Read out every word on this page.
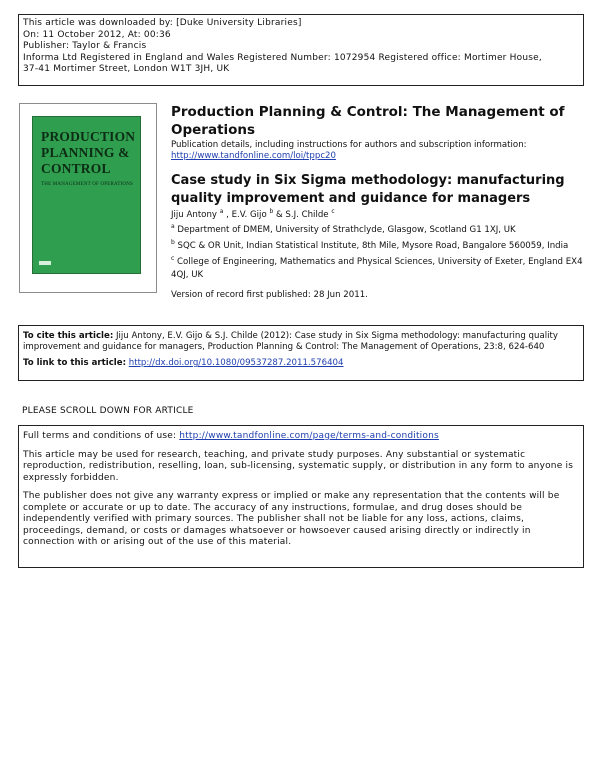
This article was downloaded by: [Duke University Libraries]
On: 11 October 2012, At: 00:36
Publisher: Taylor & Francis
Informa Ltd Registered in England and Wales Registered Number: 1072954 Registered office: Mortimer House,
37-41 Mortimer Street, London W1T 3JH, UK
PRODUCTION
PLANNING &
CONTROL
THE MANAGEMENT OF OPERATIONS
Production Planning & Control: The Management of Operations
Publication details, including instructions for authors and subscription information:
http://www.tandfonline.com/loi/tppc20
Case study in Six Sigma methodology: manufacturing quality improvement and guidance for managers
Jiju Antony $^a$ , E.V. Gijo $^b$ & S.J. Childe $^c$
$^a$ Department of DMEM, University of Strathclyde, Glasgow, Scotland G1 1XJ, UK
$^b$ SQC & OR Unit, Indian Statistical Institute, 8th Mile, Mysore Road, Bangalore 560059, India
$^c$ College of Engineering, Mathematics and Physical Sciences, University of Exeter, England EX4 4QJ, UK
Version of record first published: 28 Jun 2011.
To cite this article: Jiju Antony, E.V. Gijo & S.J. Childe (2012): Case study in Six Sigma methodology: manufacturing quality improvement and guidance for managers, Production Planning & Control: The Management of Operations, 23:8, 624-640
To link to this article: http://dx.doi.org/10.1080/09537287.2011.576404
PLEASE SCROLL DOWN FOR ARTICLE

Full terms and conditions of use: http://www.tandfonline.com/page/terms-and-conditions

This article may be used for research, teaching, and private study purposes. Any substantial or systematic reproduction, redistribution, reselling, loan, sub-licensing, systematic supply, or distribution in any form to anyone is expressly forbidden.

The publisher does not give any warranty express or implied or make any representation that the contents will be complete or accurate or up to date. The accuracy of any instructions, formulae, and drug doses should be independently verified with primary sources. The publisher shall not be liable for any loss, actions, claims, proceedings, demand, or costs or damages whatsoever or howsoever caused arising directly or indirectly in connection with or arising out of the use of this material.
